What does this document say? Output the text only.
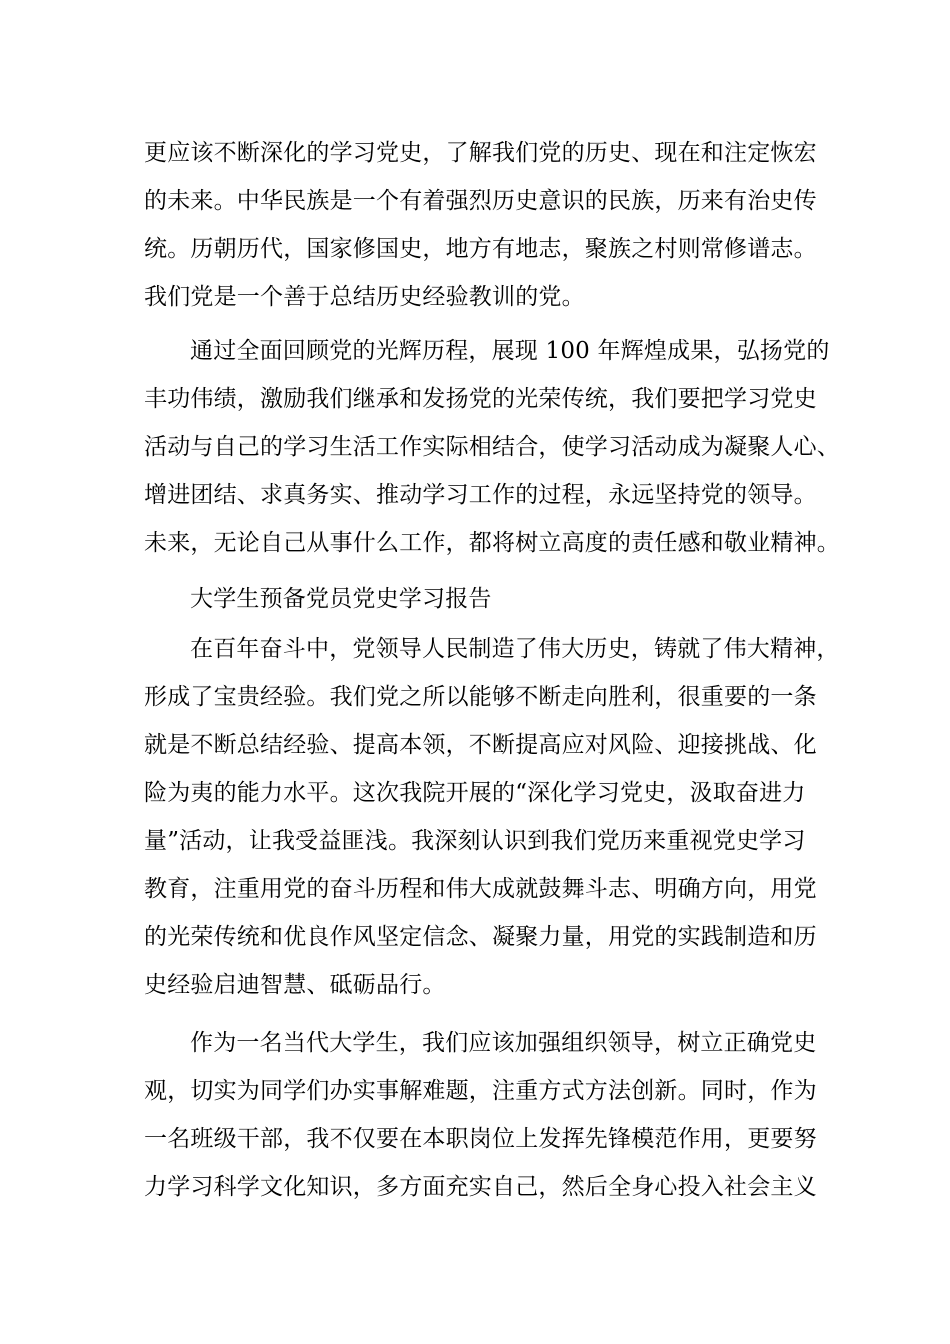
更应该不断深化的学习党史，了解我们党的历史、现在和注定恢宏
的未来。中华民族是一个有着强烈历史意识的民族，历来有治史传
统。历朝历代，国家修国史，地方有地志，聚族之村则常修谱志。
我们党是一个善于总结历史经验教训的党。
通过全面回顾党的光辉历程，展现 100 年辉煌成果，弘扬党的
丰功伟绩，激励我们继承和发扬党的光荣传统，我们要把学习党史
活动与自己的学习生活工作实际相结合，使学习活动成为凝聚人心、
增进团结、求真务实、推动学习工作的过程，永远坚持党的领导。
未来，无论自己从事什么工作，都将树立高度的责任感和敬业精神。
大学生预备党员党史学习报告
在百年奋斗中，党领导人民制造了伟大历史，铸就了伟大精神，
形成了宝贵经验。我们党之所以能够不断走向胜利，很重要的一条
就是不断总结经验、提高本领，不断提高应对风险、迎接挑战、化
险为夷的能力水平。这次我院开展的“深化学习党史，汲取奋进力
量”活动，让我受益匪浅。我深刻认识到我们党历来重视党史学习
教育，注重用党的奋斗历程和伟大成就鼓舞斗志、明确方向，用党
的光荣传统和优良作风坚定信念、凝聚力量，用党的实践制造和历
史经验启迪智慧、砥砺品行。
作为一名当代大学生，我们应该加强组织领导，树立正确党史
观，切实为同学们办实事解难题，注重方式方法创新。同时，作为
一名班级干部，我不仅要在本职岗位上发挥先锋模范作用，更要努
力学习科学文化知识，多方面充实自己，然后全身心投入社会主义
